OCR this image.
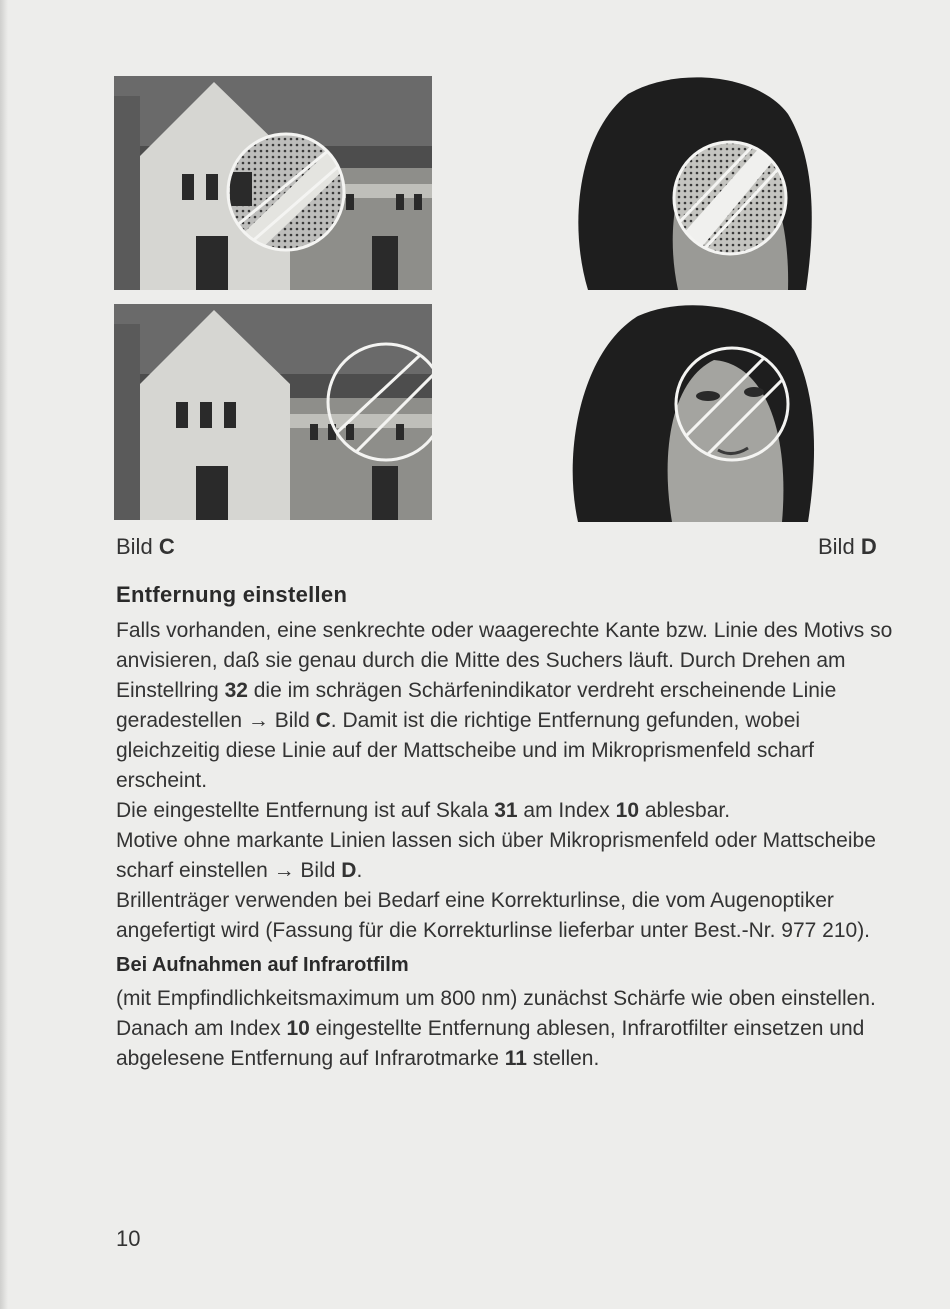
Bild C	Bild D
Entfernung einstellen

Falls vorhanden, eine senkrechte oder waagerechte Kante bzw. Linie des Motivs so anvisieren, daß sie genau durch die Mitte des Suchers läuft. Durch Drehen am Einstellring 32 die im schrägen Schärfenindikator verdreht erscheinende Linie geradestellen → Bild C. Damit ist die richtige Entfernung gefunden, wobei gleichzeitig diese Linie auf der Mattscheibe und im Mikroprismenfeld scharf erscheint.

Die eingestellte Entfernung ist auf Skala 31 am Index 10 ablesbar.

Motive ohne markante Linien lassen sich über Mikroprismenfeld oder Mattscheibe scharf einstellen → Bild D.

Brillenträger verwenden bei Bedarf eine Korrekturlinse, die vom Augenoptiker angefertigt wird (Fassung für die Korrekturlinse lieferbar unter Best.-Nr. 977 210).

Bei Aufnahmen auf Infrarotfilm

(mit Empfindlichkeitsmaximum um 800 nm) zunächst Schärfe wie oben einstellen. Danach am Index 10 eingestellte Entfernung ablesen, Infrarotfilter einsetzen und abgelesene Entfernung auf Infrarotmarke 11 stellen.

10
